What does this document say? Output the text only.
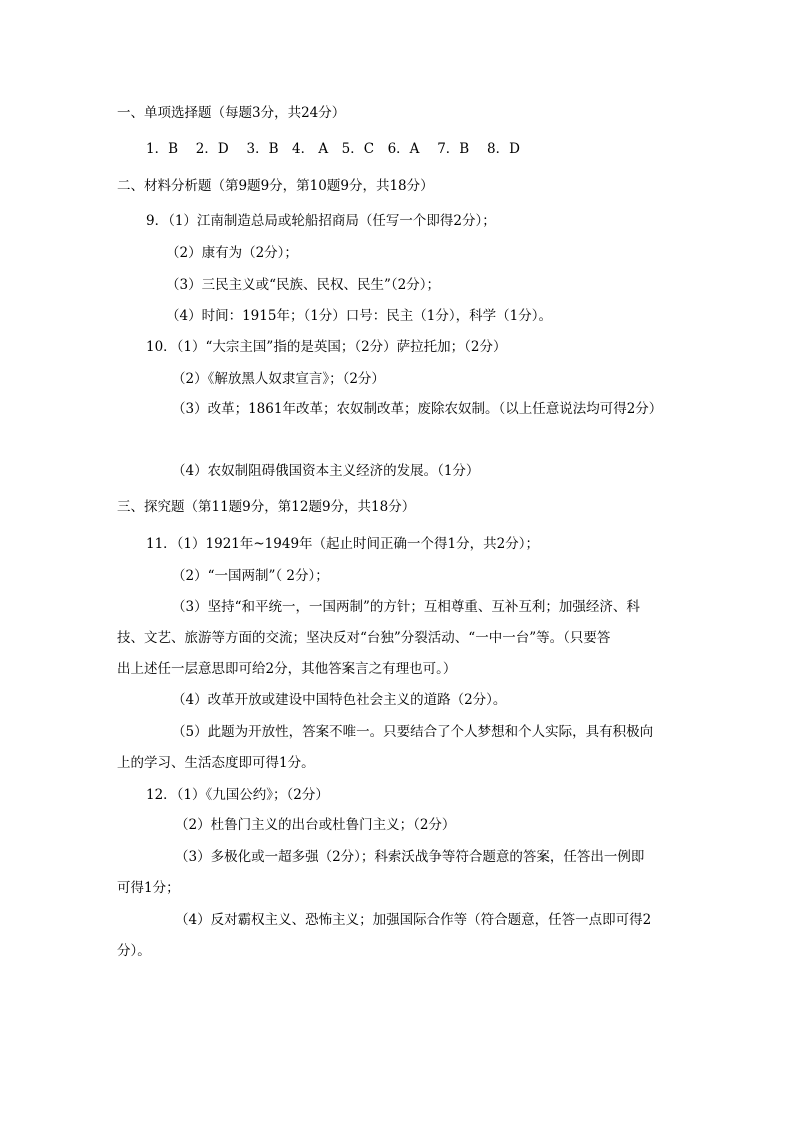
一、单项选择题（每题3分，共24分）
1．B　 2．D　 3．B　4． A　5．C　6．A　 7．B　 8．D
二、材料分析题（第9题9分，第10题9分，共18分）
9．（1）江南制造总局或轮船招商局（任写一个即得2分）；
（2）康有为（2分）；
（3）三民主义或“民族、民权、民生”（2分）；
（4）时间：1915年；（1分）口号：民主（1分），科学（1分）。
10．（1）“大宗主国”指的是英国；（2分）萨拉托加；（2分）
（2）《解放黑人奴隶宣言》；（2分）
（3）改革；1861年改革；农奴制改革；废除农奴制。（以上任意说法均可得2分）
（4）农奴制阻碍俄国资本主义经济的发展。（1分）
三、探究题（第11题9分，第12题9分，共18分）
11．（1）1921年~1949年（起止时间正确一个得1分，共2分）；
（2）“一国两制”（ 2分）；
（3）坚持“和平统一，一国两制”的方针；互相尊重、互补互利；加强经济、科
技、文艺、旅游等方面的交流；坚决反对“台独”分裂活动、“一中一台”等。（只要答
出上述任一层意思即可给2分，其他答案言之有理也可。）
（4）改革开放或建设中国特色社会主义的道路（2分）。
（5）此题为开放性，答案不唯一。只要结合了个人梦想和个人实际，具有积极向
上的学习、生活态度即可得1分。
12．（1）《九国公约》；（2分）
（2）杜鲁门主义的出台或杜鲁门主义；（2分）
（3）多极化或一超多强（2分）；科索沃战争等符合题意的答案，任答出一例即
可得1分；
（4）反对霸权主义、恐怖主义；加强国际合作等（符合题意，任答一点即可得2
分）。
